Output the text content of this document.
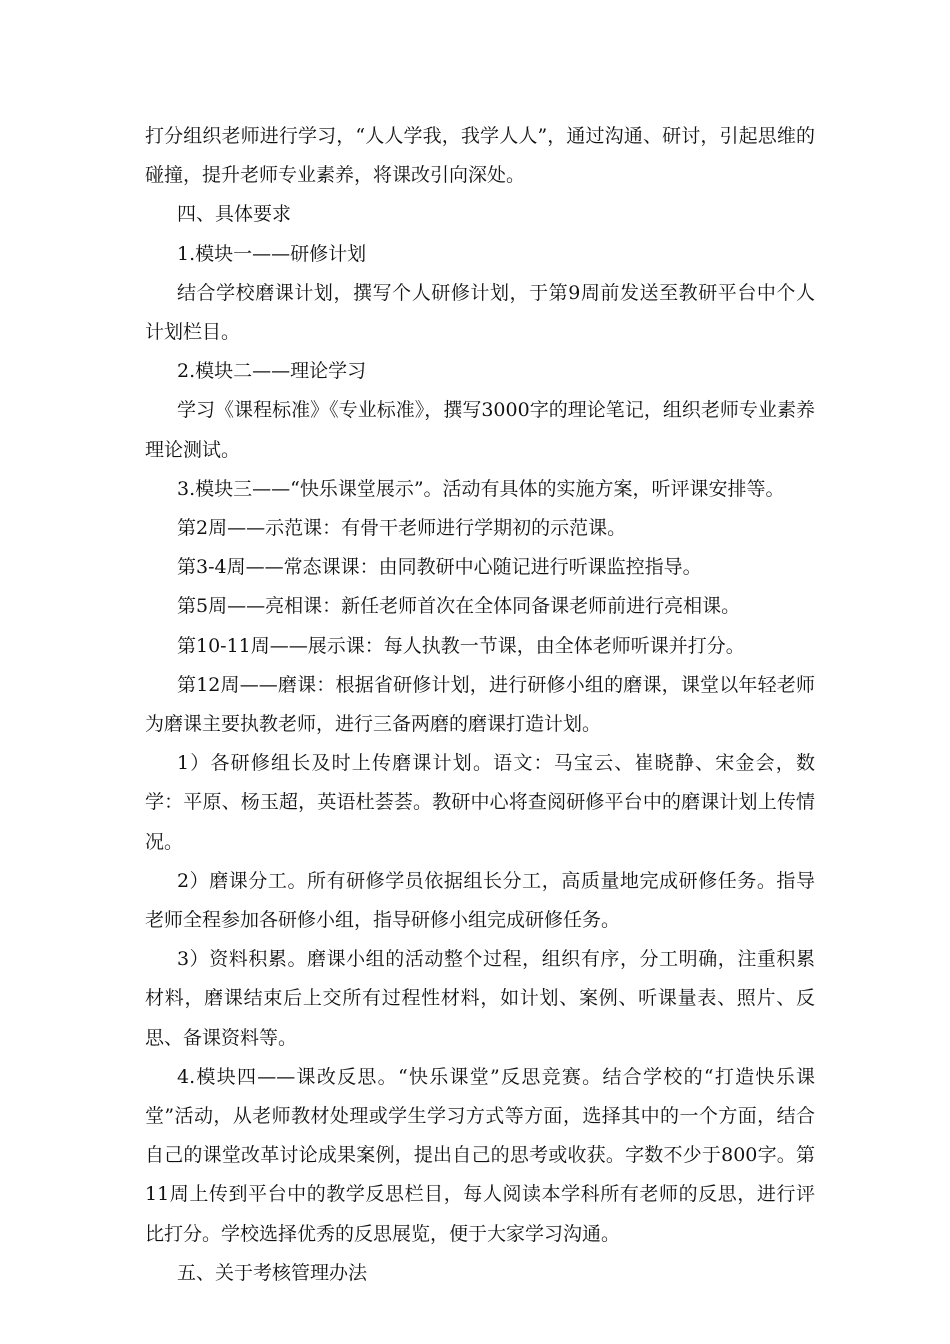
打分组织老师进行学习，“人人学我，我学人人”，通过沟通、研讨，引起思维的碰撞，提升老师专业素养，将课改引向深处。

四、具体要求

1.模块一——研修计划

结合学校磨课计划，撰写个人研修计划，于第9周前发送至教研平台中个人计划栏目。

2.模块二——理论学习

学习《课程标准》《专业标准》，撰写3000字的理论笔记，组织老师专业素养理论测试。

3.模块三——“快乐课堂展示”。活动有具体的实施方案，听评课安排等。

第2周——示范课：有骨干老师进行学期初的示范课。

第3-4周——常态课课：由同教研中心随记进行听课监控指导。

第5周——亮相课：新任老师首次在全体同备课老师前进行亮相课。

第10-11周——展示课：每人执教一节课，由全体老师听课并打分。

第12周——磨课：根据省研修计划，进行研修小组的磨课，课堂以年轻老师为磨课主要执教老师，进行三备两磨的磨课打造计划。

1）各研修组长及时上传磨课计划。语文：马宝云、崔晓静、宋金会，数学：平原、杨玉超，英语杜荟荟。教研中心将查阅研修平台中的磨课计划上传情况。

2）磨课分工。所有研修学员依据组长分工，高质量地完成研修任务。指导老师全程参加各研修小组，指导研修小组完成研修任务。

3）资料积累。磨课小组的活动整个过程，组织有序，分工明确，注重积累材料，磨课结束后上交所有过程性材料，如计划、案例、听课量表、照片、反思、备课资料等。

4.模块四——课改反思。“快乐课堂”反思竞赛。结合学校的“打造快乐课堂”活动，从老师教材处理或学生学习方式等方面，选择其中的一个方面，结合自己的课堂改革讨论成果案例，提出自己的思考或收获。字数不少于800字。第11周上传到平台中的教学反思栏目，每人阅读本学科所有老师的反思，进行评比打分。学校选择优秀的反思展览，便于大家学习沟通。

五、关于考核管理办法
